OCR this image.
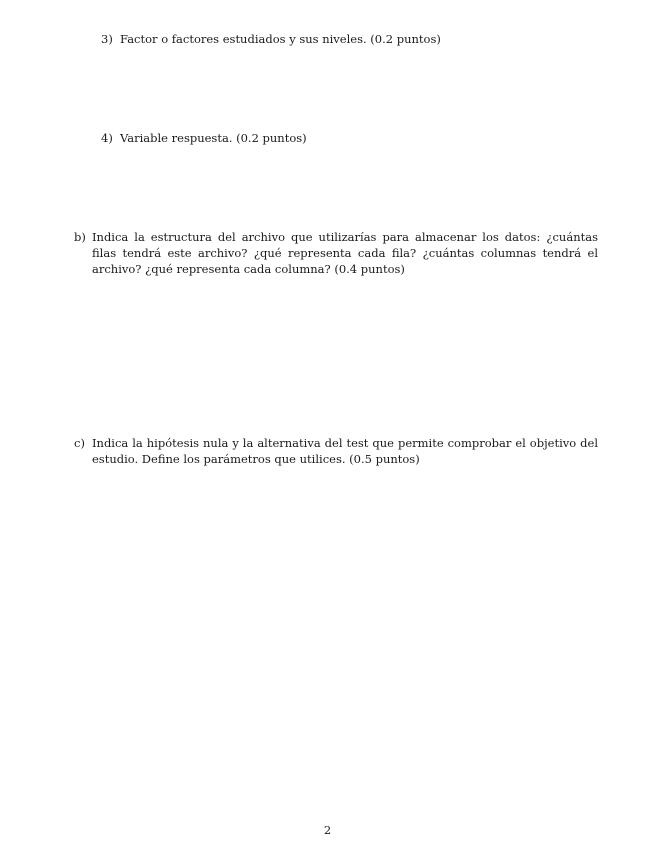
3) Factor o factores estudiados y sus niveles. (0.2 puntos)
4) Variable respuesta. (0.2 puntos)
b) Indica la estructura del archivo que utilizarías para almacenar los datos: ¿cuántas filas tendrá este archivo? ¿qué representa cada fila? ¿cuántas columnas tendrá el archivo? ¿qué representa cada columna? (0.4 puntos)
c) Indica la hipótesis nula y la alternativa del test que permite comprobar el objetivo del estudio. Define los parámetros que utilices. (0.5 puntos)
2
